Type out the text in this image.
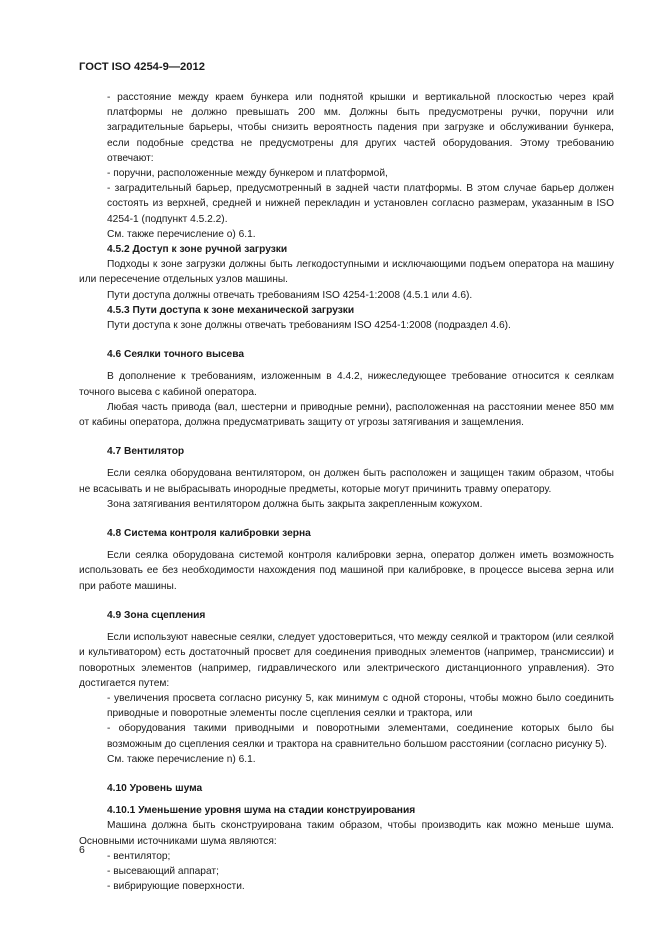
ГОСТ ISO 4254-9—2012

- расстояние между краем бункера или поднятой крышки и вертикальной плоскостью через край платформы не должно превышать 200 мм. Должны быть предусмотрены ручки, поручни или заградительные барьеры, чтобы снизить вероятность падения при загрузке и обслуживании бункера, если подобные средства не предусмотрены для других частей оборудования. Этому требованию отвечают:

- поручни, расположенные между бункером и платформой,

- заградительный барьер, предусмотренный в задней части платформы. В этом случае барьер должен состоять из верхней, средней и нижней перекладин и установлен согласно размерам, указанным в ISO 4254-1 (подпункт 4.5.2.2).

См. также перечисление o) 6.1.

4.5.2 Доступ к зоне ручной загрузки

Подходы к зоне загрузки должны быть легкодоступными и исключающими подъем оператора на машину или пересечение отдельных узлов машины.

Пути доступа должны отвечать требованиям ISO 4254-1:2008 (4.5.1 или 4.6).

4.5.3 Пути доступа к зоне механической загрузки

Пути доступа к зоне должны отвечать требованиям ISO 4254-1:2008 (подраздел 4.6).

4.6 Сеялки точного высева

В дополнение к требованиям, изложенным в 4.4.2, нижеследующее требование относится к сеялкам точного высева с кабиной оператора.

Любая часть привода (вал, шестерни и приводные ремни), расположенная на расстоянии менее 850 мм от кабины оператора, должна предусматривать защиту от угрозы затягивания и защемления.

4.7 Вентилятор

Если сеялка оборудована вентилятором, он должен быть расположен и защищен таким образом, чтобы не всасывать и не выбрасывать инородные предметы, которые могут причинить травму оператору.

Зона затягивания вентилятором должна быть закрыта закрепленным кожухом.

4.8 Система контроля калибровки зерна

Если сеялка оборудована системой контроля калибровки зерна, оператор должен иметь возможность использовать ее без необходимости нахождения под машиной при калибровке, в процессе высева зерна или при работе машины.

4.9 Зона сцепления

Если используют навесные сеялки, следует удостовериться, что между сеялкой и трактором (или сеялкой и культиватором) есть достаточный просвет для соединения приводных элементов (например, трансмиссии) и поворотных элементов (например, гидравлического или электрического дистанционного управления). Это достигается путем:

- увеличения просвета согласно рисунку 5, как минимум с одной стороны, чтобы можно было соединить приводные и поворотные элементы после сцепления сеялки и трактора, или

- оборудования такими приводными и поворотными элементами, соединение которых было бы возможным до сцепления сеялки и трактора на сравнительно большом расстоянии (согласно рисунку 5).

См. также перечисление n) 6.1.

4.10 Уровень шума

4.10.1 Уменьшение уровня шума на стадии конструирования

Машина должна быть сконструирована таким образом, чтобы производить как можно меньше шума. Основными источниками шума являются:

- вентилятор;

- высевающий аппарат;

- вибрирующие поверхности.

6
